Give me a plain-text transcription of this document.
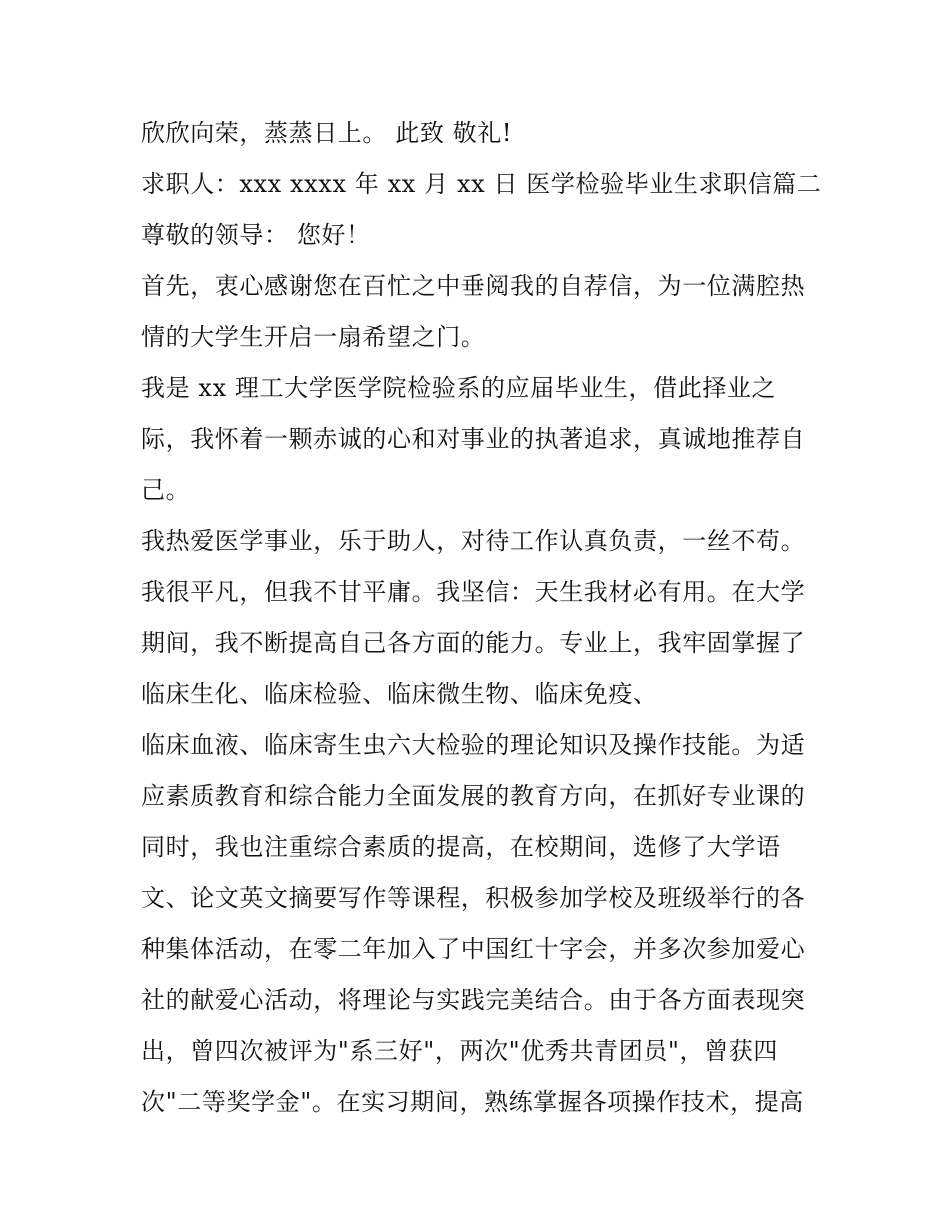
欣欣向荣，蒸蒸日上。 此致 敬礼!
求职人：xxx xxxx 年 xx 月 xx 日 医学检验毕业生求职信篇二
尊敬的领导： 您好！
首先，衷心感谢您在百忙之中垂阅我的自荐信，为一位满腔热
情的大学生开启一扇希望之门。
我是 xx 理工大学医学院检验系的应届毕业生，借此择业之
际，我怀着一颗赤诚的心和对事业的执著追求，真诚地推荐自
己。
我热爱医学事业，乐于助人，对待工作认真负责，一丝不苟。
我很平凡，但我不甘平庸。我坚信：天生我材必有用。在大学
期间，我不断提高自己各方面的能力。专业上，我牢固掌握了
临床生化、临床检验、临床微生物、临床免疫、
临床血液、临床寄生虫六大检验的理论知识及操作技能。为适
应素质教育和综合能力全面发展的教育方向，在抓好专业课的
同时，我也注重综合素质的提高，在校期间，选修了大学语
文、论文英文摘要写作等课程，积极参加学校及班级举行的各
种集体活动，在零二年加入了中国红十字会，并多次参加爱心
社的献爱心活动，将理论与实践完美结合。由于各方面表现突
出，曾四次被评为"系三好"，两次"优秀共青团员"，曾获四
次"二等奖学金"。在实习期间，熟练掌握各项操作技术，提高
